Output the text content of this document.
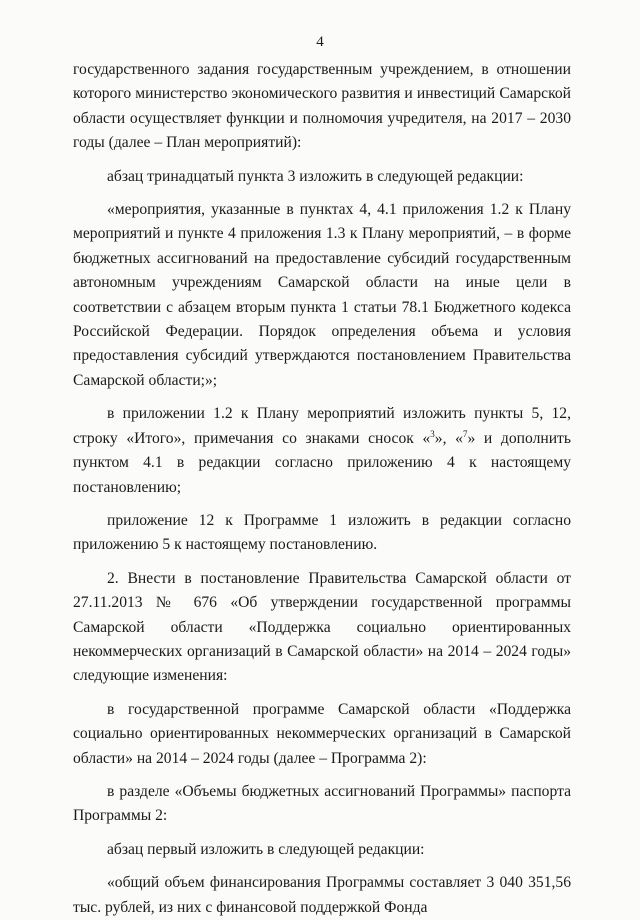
4

государственного задания государственным учреждением, в отношении которого министерство экономического развития и инвестиций Самарской области осуществляет функции и полномочия учредителя, на 2017 – 2030 годы (далее – План мероприятий):

абзац тринадцатый пункта 3 изложить в следующей редакции:

«мероприятия, указанные в пунктах 4, 4.1 приложения 1.2 к Плану мероприятий и пункте 4 приложения 1.3 к Плану мероприятий, – в форме бюджетных ассигнований на предоставление субсидий государственным автономным учреждениям Самарской области на иные цели в соответствии с абзацем вторым пункта 1 статьи 78.1 Бюджетного кодекса Российской Федерации. Порядок определения объема и условия предоставления субсидий утверждаются постановлением Правительства Самарской области;»;

в приложении 1.2 к Плану мероприятий изложить пункты 5, 12, строку «Итого», примечания со знаками сносок «$^3$», «$^7$» и дополнить пунктом 4.1 в редакции согласно приложению 4 к настоящему постановлению;

приложение 12 к Программе 1 изложить в редакции согласно приложению 5 к настоящему постановлению.

2. Внести в постановление Правительства Самарской области от 27.11.2013 № 676 «Об утверждении государственной программы Самарской области «Поддержка социально ориентированных некоммерческих организаций в Самарской области» на 2014 – 2024 годы» следующие изменения:

в государственной программе Самарской области «Поддержка социально ориентированных некоммерческих организаций в Самарской области» на 2014 – 2024 годы (далее – Программа 2):

в разделе «Объемы бюджетных ассигнований Программы» паспорта Программы 2:

абзац первый изложить в следующей редакции:

«общий объем финансирования Программы составляет 3 040 351,56 тыс. рублей, из них с финансовой поддержкой Фонда
